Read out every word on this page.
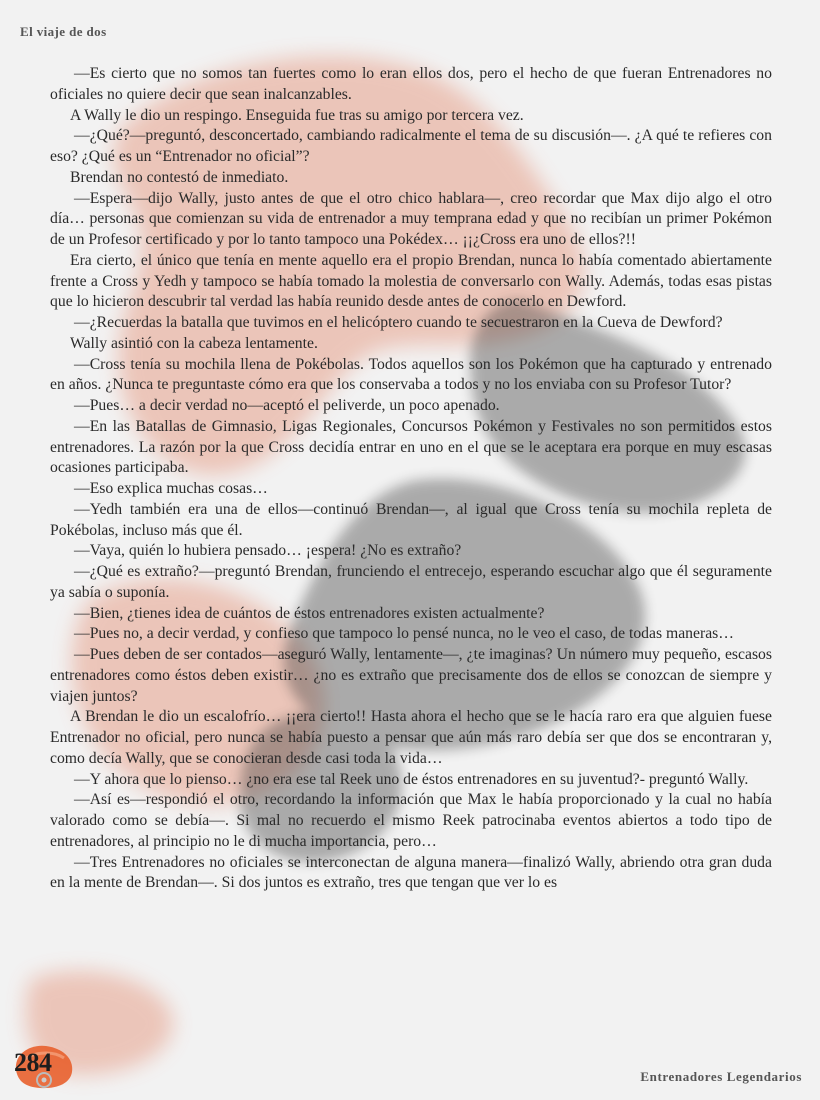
El viaje de dos

—Es cierto que no somos tan fuertes como lo eran ellos dos, pero el hecho de que fueran Entrenadores no oficiales no quiere decir que sean inalcanzables.

A Wally le dio un respingo. Enseguida fue tras su amigo por tercera vez.

—¿Qué?—preguntó, desconcertado, cambiando radicalmente el tema de su discusión—. ¿A qué te refieres con eso? ¿Qué es un “Entrenador no oficial”?

Brendan no contestó de inmediato.

—Espera—dijo Wally, justo antes de que el otro chico hablara—, creo recordar que Max dijo algo el otro día… personas que comienzan su vida de entrenador a muy temprana edad y que no recibían un primer Pokémon de un Profesor certificado y por lo tanto tampoco una Pokédex… ¡¡¿Cross era uno de ellos?!!

Era cierto, el único que tenía en mente aquello era el propio Brendan, nunca lo había comentado abiertamente frente a Cross y Yedh y tampoco se había tomado la molestia de conversarlo con Wally. Además, todas esas pistas que lo hicieron descubrir tal verdad las había reunido desde antes de conocerlo en Dewford.

—¿Recuerdas la batalla que tuvimos en el helicóptero cuando te secuestraron en la Cueva de Dewford?

Wally asintió con la cabeza lentamente.

—Cross tenía su mochila llena de Pokébolas. Todos aquellos son los Pokémon que ha capturado y entrenado en años. ¿Nunca te preguntaste cómo era que los conservaba a todos y no los enviaba con su Profesor Tutor?

—Pues… a decir verdad no—aceptó el peliverde, un poco apenado.

—En las Batallas de Gimnasio, Ligas Regionales, Concursos Pokémon y Festivales no son permitidos estos entrenadores. La razón por la que Cross decidía entrar en uno en el que se le aceptara era porque en muy escasas ocasiones participaba.

—Eso explica muchas cosas…

—Yedh también era una de ellos—continuó Brendan—, al igual que Cross tenía su mochila repleta de Pokébolas, incluso más que él.

—Vaya, quién lo hubiera pensado… ¡espera! ¿No es extraño?

—¿Qué es extraño?—preguntó Brendan, frunciendo el entrecejo, esperando escuchar algo que él seguramente ya sabía o suponía.

—Bien, ¿tienes idea de cuántos de éstos entrenadores existen actualmente?

—Pues no, a decir verdad, y confieso que tampoco lo pensé nunca, no le veo el caso, de todas maneras…

—Pues deben de ser contados—aseguró Wally, lentamente—, ¿te imaginas? Un número muy pequeño, escasos entrenadores como éstos deben existir… ¿no es extraño que precisamente dos de ellos se conozcan de siempre y viajen juntos?

A Brendan le dio un escalofrío… ¡¡era cierto!! Hasta ahora el hecho que se le hacía raro era que alguien fuese Entrenador no oficial, pero nunca se había puesto a pensar que aún más raro debía ser que dos se encontraran y, como decía Wally, que se conocieran desde casi toda la vida…

—Y ahora que lo pienso… ¿no era ese tal Reek uno de éstos entrenadores en su juventud?- preguntó Wally.

—Así es—respondió el otro, recordando la información que Max le había proporcionado y la cual no había valorado como se debía—. Si mal no recuerdo el mismo Reek patrocinaba eventos abiertos a todo tipo de entrenadores, al principio no le di mucha importancia, pero…

—Tres Entrenadores no oficiales se interconectan de alguna manera—finalizó Wally, abriendo otra gran duda en la mente de Brendan—. Si dos juntos es extraño, tres que tengan que ver lo es

284	Entrenadores Legendarios
